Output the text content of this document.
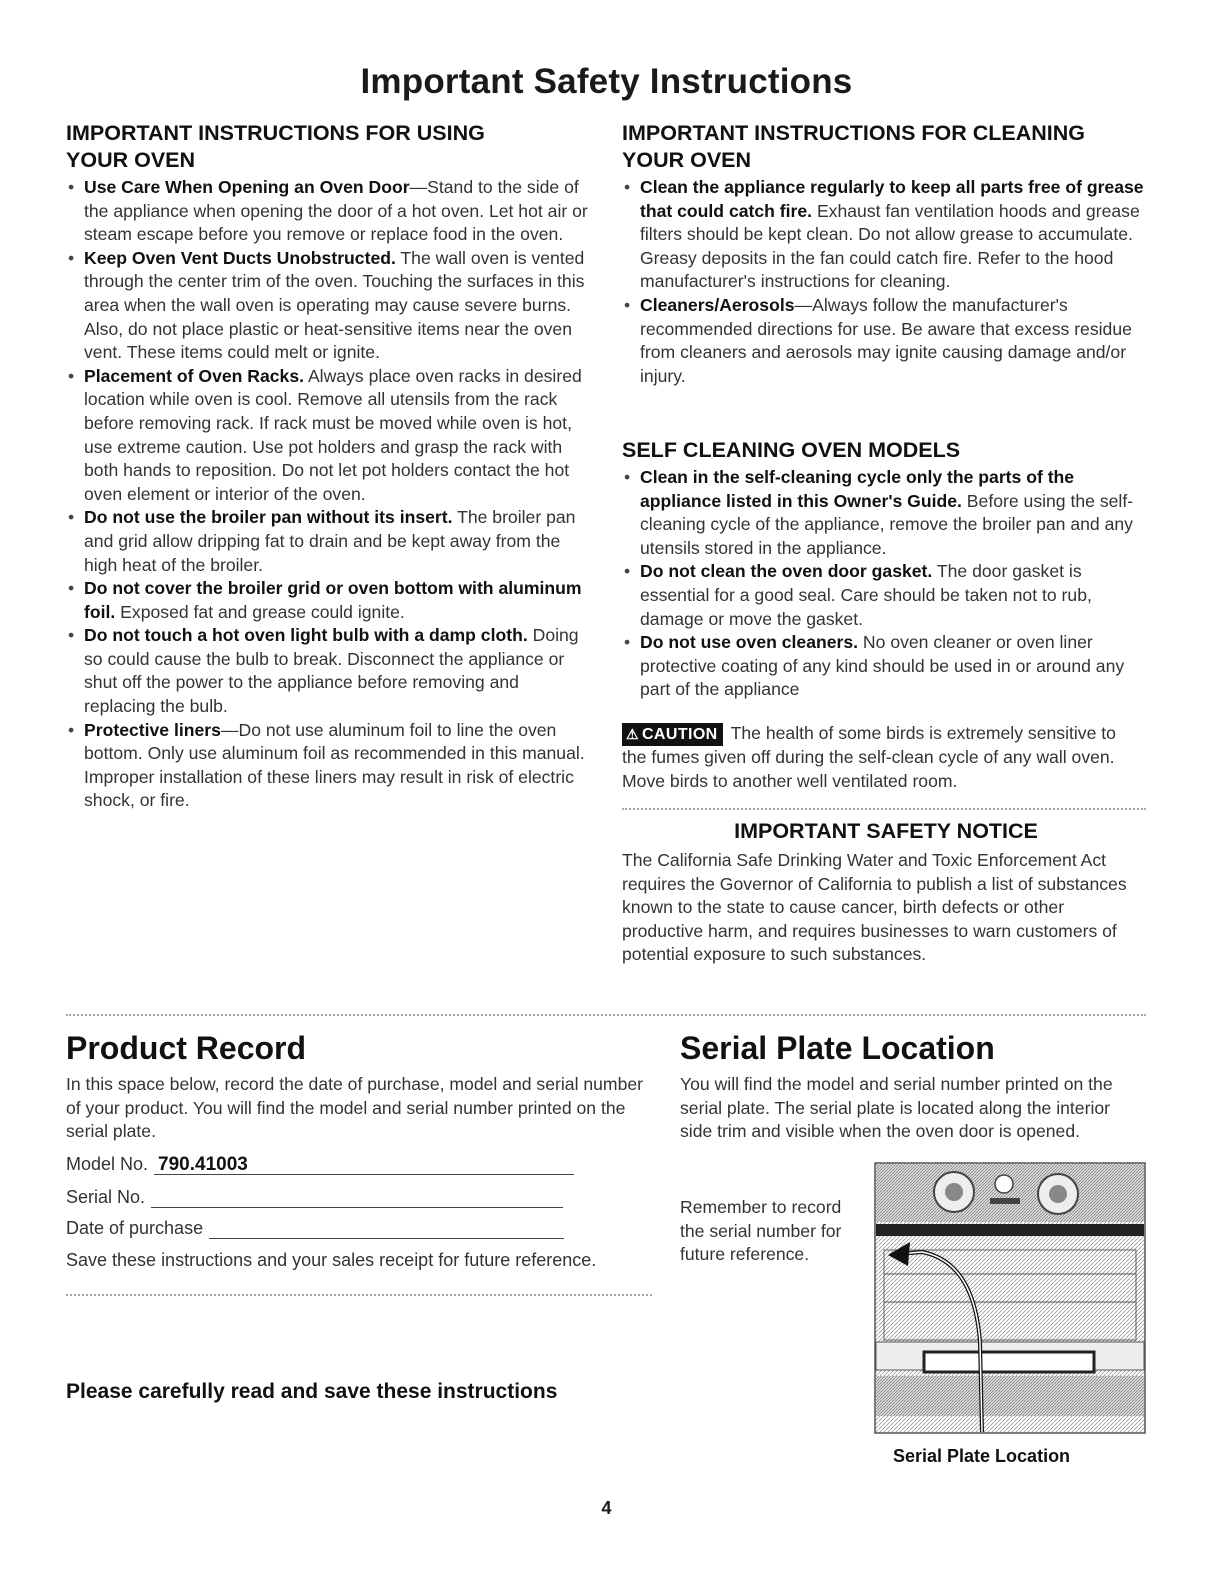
Important Safety Instructions
IMPORTANT INSTRUCTIONS FOR USING
YOUR OVEN
• Use Care When Opening an Oven Door—Stand to the side of the appliance when opening the door of a hot oven. Let hot air or steam escape before you remove or replace food in the oven.
• Keep Oven Vent Ducts Unobstructed. The wall oven is vented through the center trim of the oven. Touching the surfaces in this area when the wall oven is operating may cause severe burns. Also, do not place plastic or heat-sensitive items near the oven vent. These items could melt or ignite.
• Placement of Oven Racks. Always place oven racks in desired location while oven is cool. Remove all utensils from the rack before removing rack. If rack must be moved while oven is hot, use extreme caution. Use pot holders and grasp the rack with both hands to reposition. Do not let pot holders contact the hot oven element or interior of the oven.
• Do not use the broiler pan without its insert. The broiler pan and grid allow dripping fat to drain and be kept away from the high heat of the broiler.
• Do not cover the broiler grid or oven bottom with aluminum foil. Exposed fat and grease could ignite.
• Do not touch a hot oven light bulb with a damp cloth. Doing so could cause the bulb to break. Disconnect the appliance or shut off the power to the appliance before removing and replacing the bulb.
• Protective liners—Do not use aluminum foil to line the oven bottom. Only use aluminum foil as recommended in this manual. Improper installation of these liners may result in risk of electric shock, or fire.
IMPORTANT INSTRUCTIONS FOR CLEANING
YOUR OVEN
• Clean the appliance regularly to keep all parts free of grease that could catch fire. Exhaust fan ventilation hoods and grease filters should be kept clean. Do not allow grease to accumulate. Greasy deposits in the fan could catch fire. Refer to the hood manufacturer's instructions for cleaning.
• Cleaners/Aerosols—Always follow the manufacturer's recommended directions for use. Be aware that excess residue from cleaners and aerosols may ignite causing damage and/or injury.
SELF CLEANING OVEN MODELS
• Clean in the self-cleaning cycle only the parts of the appliance listed in this Owner's Guide. Before using the self-cleaning cycle of the appliance, remove the broiler pan and any utensils stored in the appliance.
• Do not clean the oven door gasket. The door gasket is essential for a good seal. Care should be taken not to rub, damage or move the gasket.
• Do not use oven cleaners. No oven cleaner or oven liner protective coating of any kind should be used in or around any part of the appliance
⚠ CAUTION The health of some birds is extremely sensitive to the fumes given off during the self-clean cycle of any wall oven. Move birds to another well ventilated room.
IMPORTANT SAFETY NOTICE
The California Safe Drinking Water and Toxic Enforcement Act requires the Governor of California to publish a list of substances known to the state to cause cancer, birth defects or other productive harm, and requires businesses to warn customers of potential exposure to such substances.
Product Record
In this space below, record the date of purchase, model and serial number of your product. You will find the model and serial number printed on the serial plate.
Model No. 790.41003
Serial No.
Date of purchase
Save these instructions and your sales receipt for future reference.
Serial Plate Location
You will find the model and serial number printed on the serial plate. The serial plate is located along the interior side trim and visible when the oven door is opened.
Remember to record the serial number for future reference.
Serial Plate Location
Please carefully read and save these instructions
4
